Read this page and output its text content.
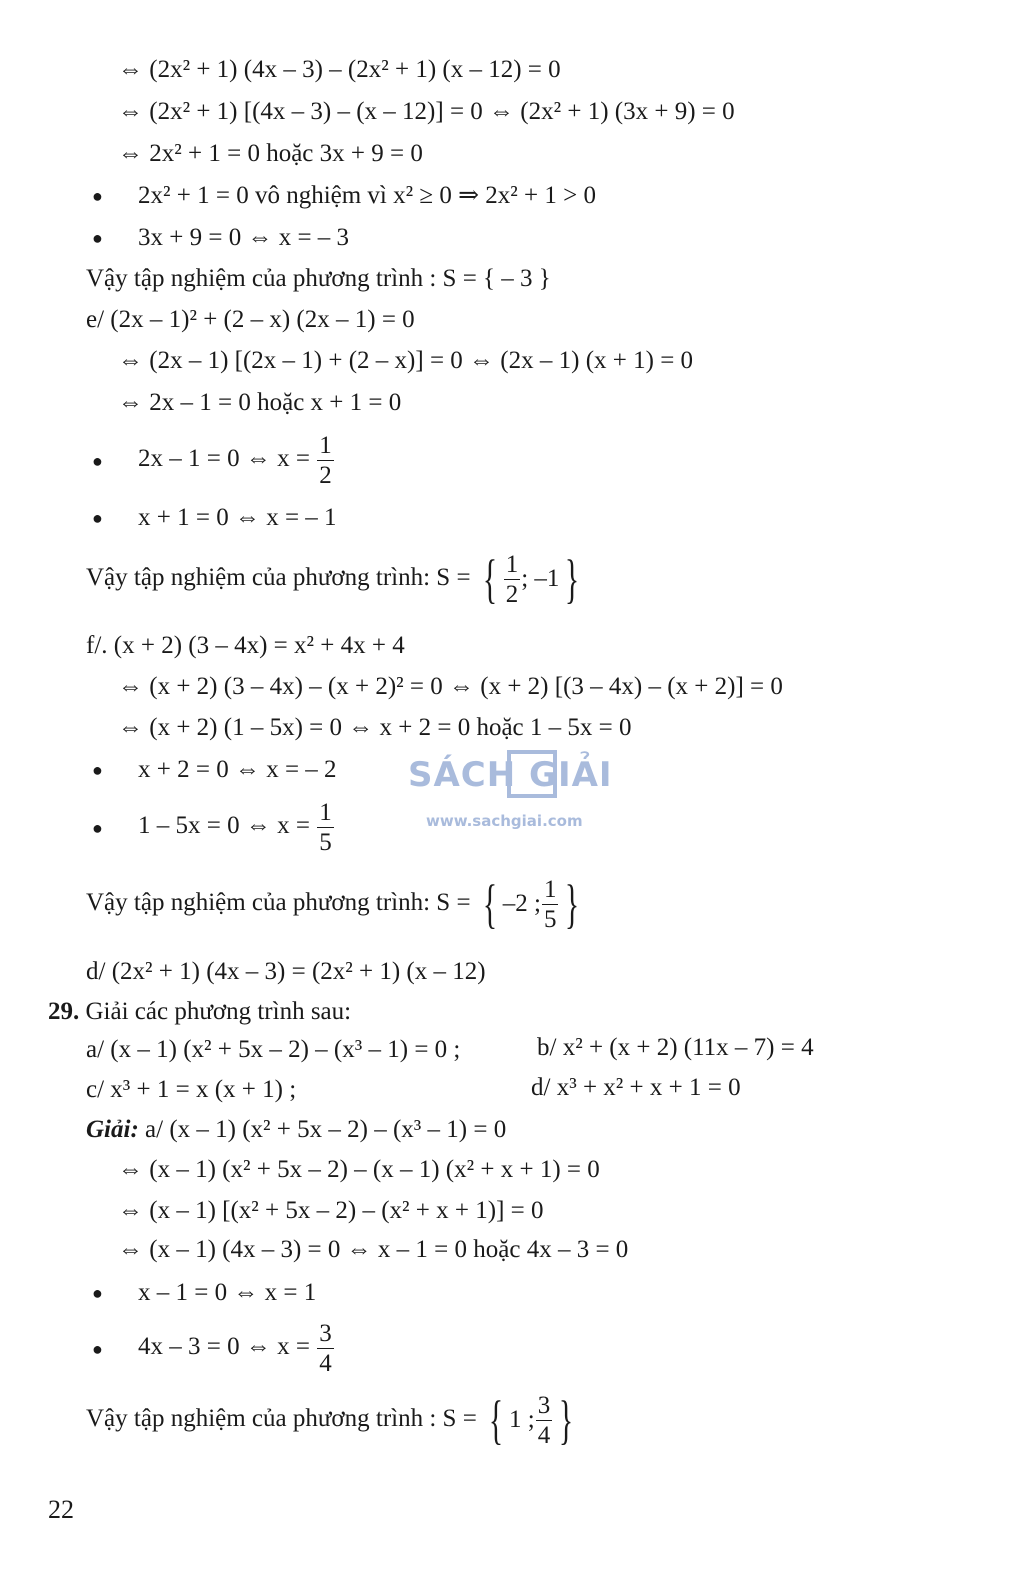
SÁCH GIẢI
www.sachgiai.com
⇔ (2x² + 1) (4x – 3) – (2x² + 1) (x – 12) = 0
⇔ (2x² + 1) [(4x – 3) – (x – 12)] = 0 ⇔ (2x² + 1) (3x + 9) = 0
⇔ 2x² + 1 = 0 hoặc 3x + 9 = 0
● 2x² + 1 = 0 vô nghiệm vì x² ≥ 0 ⇒ 2x² + 1 > 0
● 3x + 9 = 0 ⇔ x = – 3
Vậy tập nghiệm của phương trình : S = { – 3 }
e/ (2x – 1)² + (2 – x) (2x – 1) = 0
⇔ (2x – 1) [(2x – 1) + (2 – x)] = 0 ⇔ (2x – 1) (x + 1) = 0
⇔ 2x – 1 = 0 hoặc x + 1 = 0
● 2x – 1 = 0 ⇔ $x = \frac{1}{2}$
● x + 1 = 0 ⇔ x = – 1
Vậy tập nghiệm của phương trình: S = { $\frac{1}{2}$ ; –1 }
f/. (x + 2) (3 – 4x) = x² + 4x + 4
⇔ (x + 2) (3 – 4x) – (x + 2)² = 0 ⇔ (x + 2) [(3 – 4x) – (x + 2)] = 0
⇔ (x + 2) (1 – 5x) = 0 ⇔ x + 2 = 0 hoặc 1 – 5x = 0
● x + 2 = 0 ⇔ x = – 2
● 1 – 5x = 0 ⇔ $x = \frac{1}{5}$
Vậy tập nghiệm của phương trình: S = { –2 ; $\frac{1}{5}$ }
d/ (2x² + 1) (4x – 3) = (2x² + 1) (x – 12)
29. Giải các phương trình sau:
a/ (x – 1) (x² + 5x – 2) – (x³ – 1) = 0 ;	b/ x² + (x + 2) (11x – 7) = 4
c/ x³ + 1 = x (x + 1) ;	d/ x³ + x² + x + 1 = 0
Giải: a/ (x – 1) (x² + 5x – 2) – (x³ – 1) = 0
⇔ (x – 1) (x² + 5x – 2) – (x – 1) (x² + x + 1) = 0
⇔ (x – 1) [(x² + 5x – 2) – (x² + x + 1)] = 0
⇔ (x – 1) (4x – 3) = 0 ⇔ x – 1 = 0 hoặc 4x – 3 = 0
● x – 1 = 0 ⇔ x = 1
● 4x – 3 = 0 ⇔ $x = \frac{3}{4}$
Vậy tập nghiệm của phương trình : S = { 1 ; $\frac{3}{4}$ }
22
